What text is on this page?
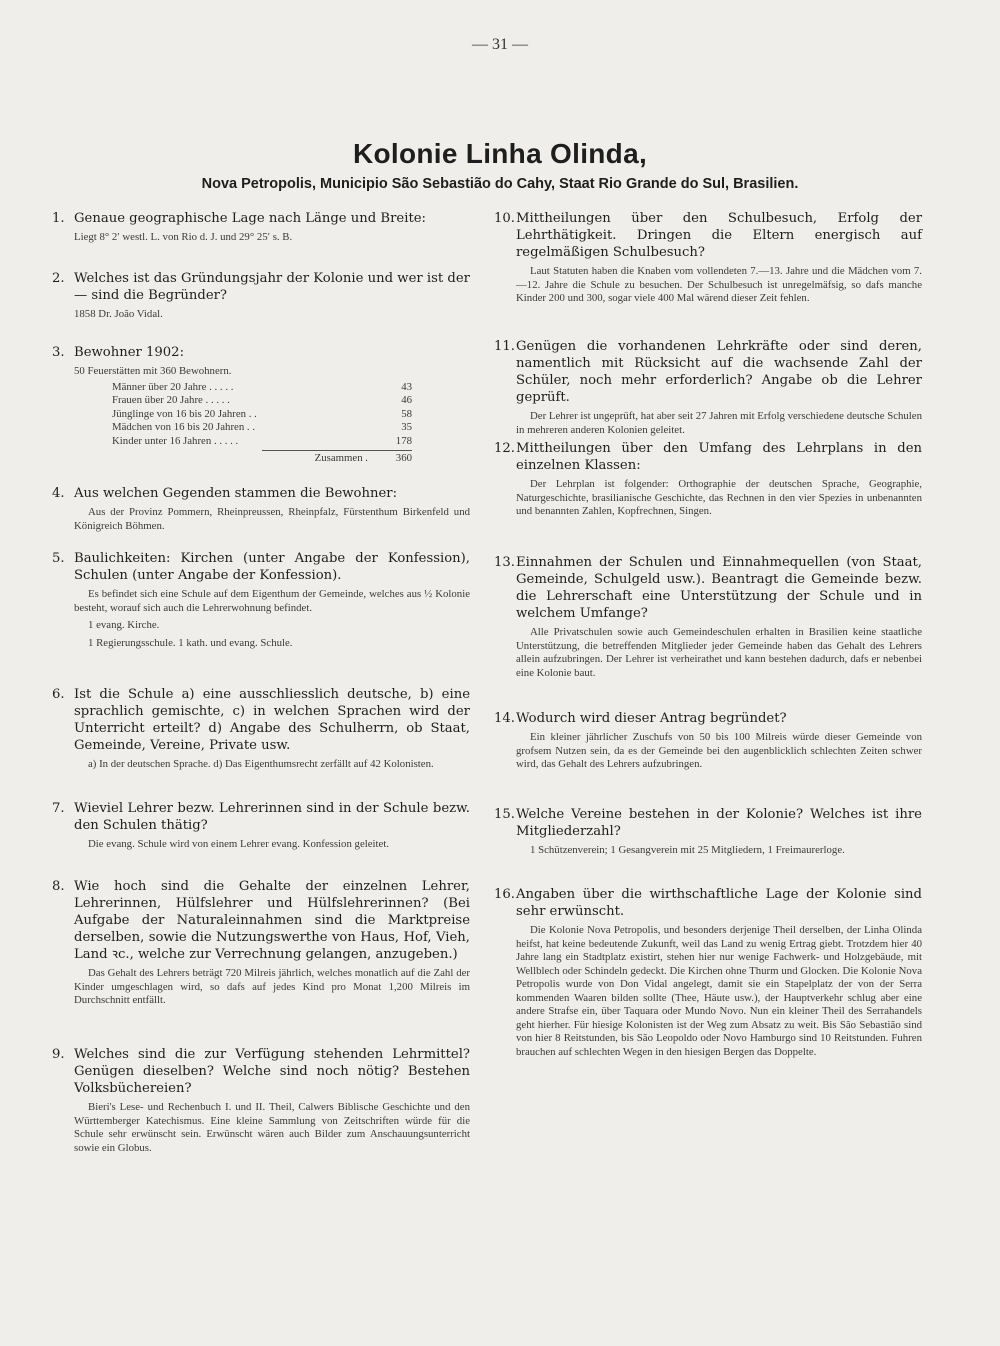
— 31 —
Kolonie Linha Olinda,
Nova Petropolis, Municipio São Sebastião do Cahy, Staat Rio Grande do Sul, Brasilien.
1. Genaue geographische Lage nach Länge und Breite:
Liegt 8° 2′ westl. L. von Rio d. J. und 29° 25′ s. B.
2. Welches ist das Gründungsjahr der Kolonie und wer ist der — sind die Begründer?
1858 Dr. João Vidal.
3. Bewohner 1902:
50 Feuerstätten mit 360 Bewohnern.
Männer über 20 Jahre . . . . .	43
Frauen über 20 Jahre . . . . .	46
Jünglinge von 16 bis 20 Jahren . .	58
Mädchen von 16 bis 20 Jahren . .	35
Kinder unter 16 Jahren . . . . .	178
Zusammen .	360
4. Aus welchen Gegenden stammen die Bewohner:
Aus der Provinz Pommern, Rheinpreussen, Rheinpfalz, Fürstenthum Birkenfeld und Königreich Böhmen.
5. Baulichkeiten: Kirchen (unter Angabe der Konfession), Schulen (unter Angabe der Konfession).

Es befindet sich eine Schule auf dem Eigenthum der Gemeinde, welches aus ½ Kolonie besteht, worauf sich auch die Lehrerwohnung befindet.

1 evang. Kirche.

1 Regierungsschule. 1 kath. und evang. Schule.

6. Ist die Schule a) eine ausschliesslich deutsche, b) eine sprachlich gemischte, c) in welchen Sprachen wird der Unterricht erteilt? d) Angabe des Schulherrn, ob Staat, Gemeinde, Vereine, Private usw.
a) In der deutschen Sprache. d) Das Eigenthumsrecht zerfällt auf 42 Kolonisten.
7. Wieviel Lehrer bezw. Lehrerinnen sind in der Schule bezw. den Schulen thätig?
Die evang. Schule wird von einem Lehrer evang. Konfession geleitet.
8. Wie hoch sind die Gehalte der einzelnen Lehrer, Lehrerinnen, Hülfslehrer und Hülfslehrerinnen? (Bei Aufgabe der Naturaleinnahmen sind die Marktpreise derselben, sowie die Nutzungswerthe von Haus, Hof, Vieh, Land ꝛc., welche zur Verrechnung gelangen, anzugeben.)
Das Gehalt des Lehrers beträgt 720 Milreis jährlich, welches monatlich auf die Zahl der Kinder umgeschlagen wird, so dafs auf jedes Kind pro Monat 1,200 Milreis im Durchschnitt entfällt.
9. Welches sind die zur Verfügung stehenden Lehrmittel? Genügen dieselben? Welche sind noch nötig? Bestehen Volksbüchereien?
Bieri's Lese- und Rechenbuch I. und II. Theil, Calwers Biblische Geschichte und den Württemberger Katechismus. Eine kleine Sammlung von Zeitschriften würde für die Schule sehr erwünscht sein. Erwünscht wären auch Bilder zum Anschauungsunterricht sowie ein Globus.
10. Mittheilungen über den Schulbesuch, Erfolg der Lehrthätigkeit. Dringen die Eltern energisch auf regelmäßigen Schulbesuch?
Laut Statuten haben die Knaben vom vollendeten 7.—13. Jahre und die Mädchen vom 7.—12. Jahre die Schule zu besuchen. Der Schulbesuch ist unregelmäfsig, so dafs manche Kinder 200 und 300, sogar viele 400 Mal wärend dieser Zeit fehlen.
11. Genügen die vorhandenen Lehrkräfte oder sind deren, namentlich mit Rücksicht auf die wachsende Zahl der Schüler, noch mehr erforderlich? Angabe ob die Lehrer geprüft.
Der Lehrer ist ungeprüft, hat aber seit 27 Jahren mit Erfolg verschiedene deutsche Schulen in mehreren anderen Kolonien geleitet.
12. Mittheilungen über den Umfang des Lehrplans in den einzelnen Klassen:
Der Lehrplan ist folgender: Orthographie der deutschen Sprache, Geographie, Naturgeschichte, brasilianische Geschichte, das Rechnen in den vier Spezies in unbenannten und benannten Zahlen, Kopfrechnen, Singen.
13. Einnahmen der Schulen und Einnahmequellen (von Staat, Gemeinde, Schulgeld usw.). Beantragt die Gemeinde bezw. die Lehrerschaft eine Unterstützung der Schule und in welchem Umfange?
Alle Privatschulen sowie auch Gemeindeschulen erhalten in Brasilien keine staatliche Unterstützung, die betreffenden Mitglieder jeder Gemeinde haben das Gehalt des Lehrers allein aufzubringen. Der Lehrer ist verheirathet und kann bestehen dadurch, dafs er nebenbei eine Kolonie baut.
14. Wodurch wird dieser Antrag begründet?
Ein kleiner jährlicher Zuschufs von 50 bis 100 Milreis würde dieser Gemeinde von grofsem Nutzen sein, da es der Gemeinde bei den augenblicklich schlechten Zeiten schwer wird, das Gehalt des Lehrers aufzubringen.
15. Welche Vereine bestehen in der Kolonie? Welches ist ihre Mitgliederzahl?
1 Schützenverein; 1 Gesangverein mit 25 Mitgliedern, 1 Freimaurerloge.
16. Angaben über die wirthschaftliche Lage der Kolonie sind sehr erwünscht.
Die Kolonie Nova Petropolis, und besonders derjenige Theil derselben, der Linha Olinda heifst, hat keine bedeutende Zukunft, weil das Land zu wenig Ertrag giebt. Trotzdem hier 40 Jahre lang ein Stadtplatz existirt, stehen hier nur wenige Fachwerk- und Holzgebäude, mit Wellblech oder Schindeln gedeckt. Die Kirchen ohne Thurm und Glocken. Die Kolonie Nova Petropolis wurde von Don Vidal angelegt, damit sie ein Stapelplatz der von der Serra kommenden Waaren bilden sollte (Thee, Häute usw.), der Hauptverkehr schlug aber eine andere Strafse ein, über Taquara oder Mundo Novo. Nun ein kleiner Theil des Serrahandels geht hierher. Für hiesige Kolonisten ist der Weg zum Absatz zu weit. Bis São Sebastião sind von hier 8 Reitstunden, bis São Leopoldo oder Novo Hamburgo sind 10 Reitstunden. Fuhren brauchen auf schlechten Wegen in den hiesigen Bergen das Doppelte.
